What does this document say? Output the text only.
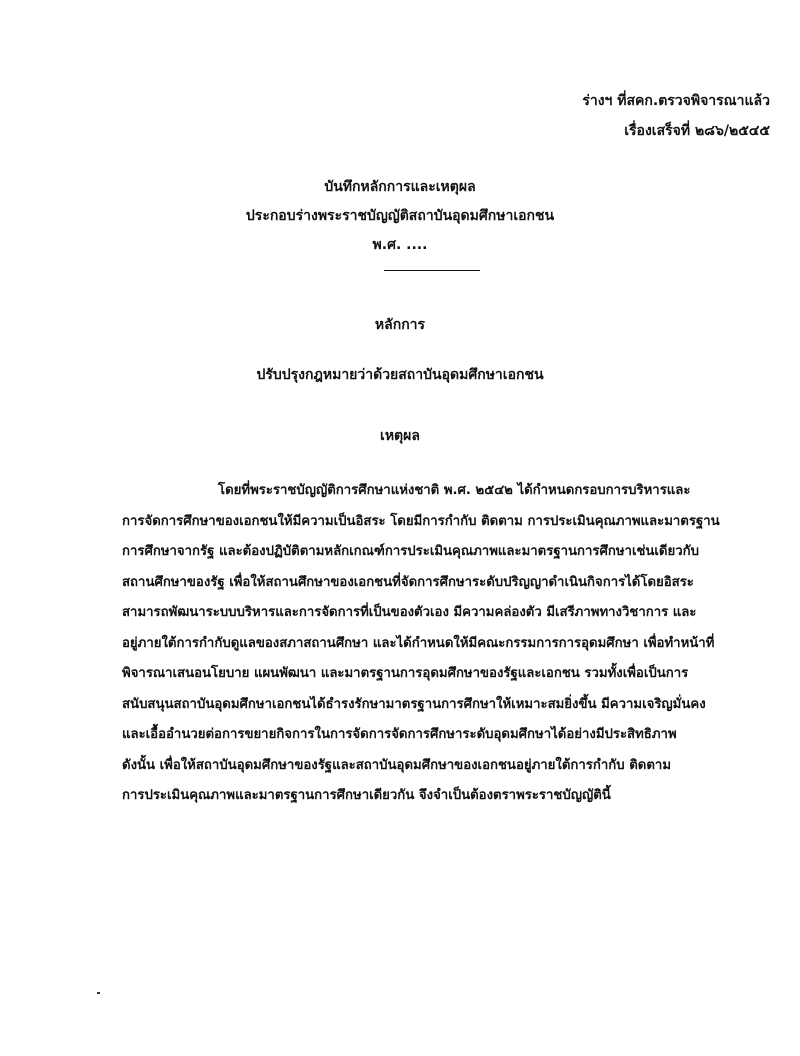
ร่างฯ ที่สคก.ตรวจพิจารณาแล้ว
เรื่องเสร็จที่ ๒๘๖/๒๕๔๕
บันทึกหลักการและเหตุผล
ประกอบร่างพระราชบัญญัติสถาบันอุดมศึกษาเอกชน
พ.ศ. ....
หลักการ
ปรับปรุงกฎหมายว่าด้วยสถาบันอุดมศึกษาเอกชน
เหตุผล
โดยที่พระราชบัญญัติการศึกษาแห่งชาติ พ.ศ. ๒๕๔๒ ได้กำหนดกรอบการบริหารและ
การจัดการศึกษาของเอกชนให้มีความเป็นอิสระ โดยมีการกำกับ ติดตาม การประเมินคุณภาพและมาตรฐาน
การศึกษาจากรัฐ และต้องปฏิบัติตามหลักเกณฑ์การประเมินคุณภาพและมาตรฐานการศึกษาเช่นเดียวกับ
สถานศึกษาของรัฐ เพื่อให้สถานศึกษาของเอกชนที่จัดการศึกษาระดับปริญญาดำเนินกิจการได้โดยอิสระ
สามารถพัฒนาระบบบริหารและการจัดการที่เป็นของตัวเอง มีความคล่องตัว มีเสรีภาพทางวิชาการ และ
อยู่ภายใต้การกำกับดูแลของสภาสถานศึกษา และได้กำหนดให้มีคณะกรรมการการอุดมศึกษา เพื่อทำหน้าที่
พิจารณาเสนอนโยบาย แผนพัฒนา และมาตรฐานการอุดมศึกษาของรัฐและเอกชน รวมทั้งเพื่อเป็นการ
สนับสนุนสถาบันอุดมศึกษาเอกชนได้ธำรงรักษามาตรฐานการศึกษาให้เหมาะสมยิ่งขึ้น มีความเจริญมั่นคง
และเอื้ออำนวยต่อการขยายกิจการในการจัดการจัดการศึกษาระดับอุดมศึกษาได้อย่างมีประสิทธิภาพ
ดังนั้น เพื่อให้สถาบันอุดมศึกษาของรัฐและสถาบันอุดมศึกษาของเอกชนอยู่ภายใต้การกำกับ ติดตาม
การประเมินคุณภาพและมาตรฐานการศึกษาเดียวกัน จึงจำเป็นต้องตราพระราชบัญญัตินี้
